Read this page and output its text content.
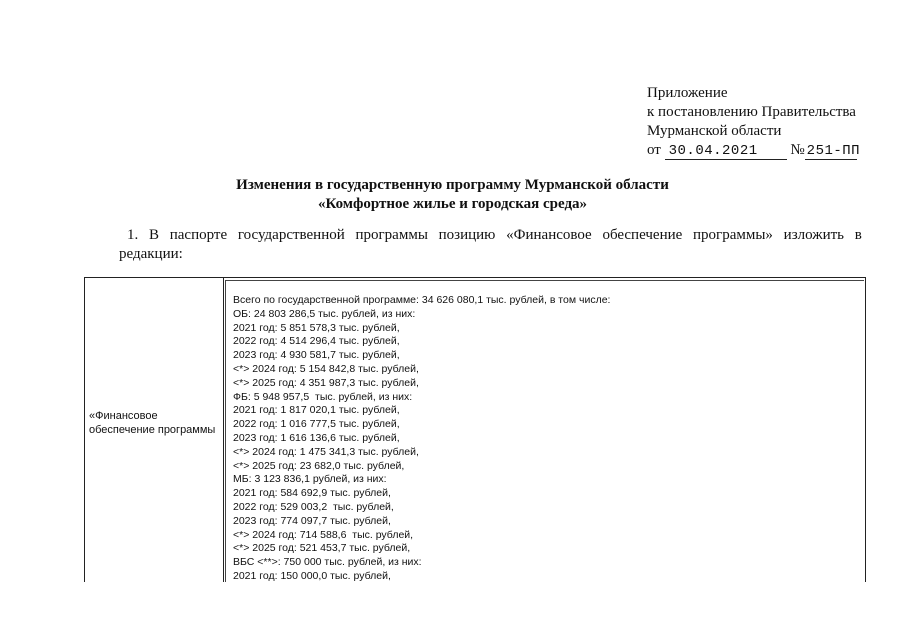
Приложение
к постановлению Правительства
Мурманской области
от 30.04.2021 № 251-ПП
Изменения в государственную программу Мурманской области
«Комфортное жилье и городская среда»
1. В паспорте государственной программы позицию «Финансовое обеспечение программы» изложить в
редакции:
«Финансовое
обеспечение программы
Всего по государственной программе: 34 626 080,1 тыс. рублей, в том числе:
ОБ: 24 803 286,5 тыс. рублей, из них:
2021 год: 5 851 578,3 тыс. рублей,
2022 год: 4 514 296,4 тыс. рублей,
2023 год: 4 930 581,7 тыс. рублей,
<*> 2024 год: 5 154 842,8 тыс. рублей,
<*> 2025 год: 4 351 987,3 тыс. рублей,
ФБ: 5 948 957,5  тыс. рублей, из них:
2021 год: 1 817 020,1 тыс. рублей,
2022 год: 1 016 777,5 тыс. рублей,
2023 год: 1 616 136,6 тыс. рублей,
<*> 2024 год: 1 475 341,3 тыс. рублей,
<*> 2025 год: 23 682,0 тыс. рублей,
МБ: 3 123 836,1 рублей, из них:
2021 год: 584 692,9 тыс. рублей,
2022 год: 529 003,2  тыс. рублей,
2023 год: 774 097,7 тыс. рублей,
<*> 2024 год: 714 588,6  тыс. рублей,
<*> 2025 год: 521 453,7 тыс. рублей,
ВБС <**>: 750 000 тыс. рублей, из них:
2021 год: 150 000,0 тыс. рублей,
